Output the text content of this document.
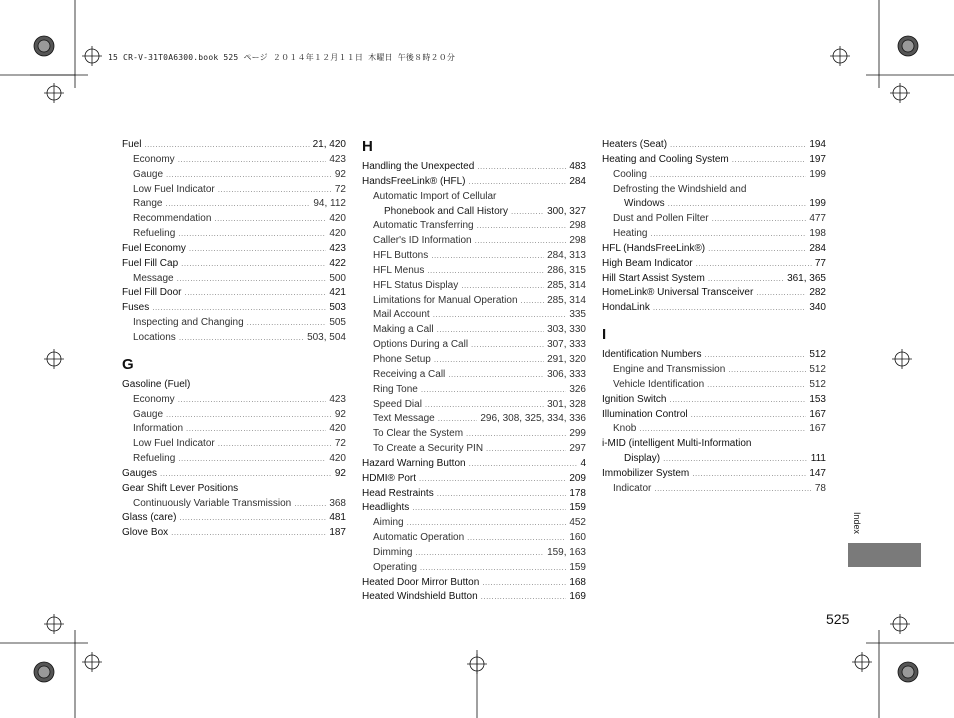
15 CR-V-31T0A6300.book 525 ページ ２０１４年１２月１１日 木曜日 午後８時２０分
Fuel .....	21, 420
Economy .....	423
Gauge .....	92
Low Fuel Indicator .....	72
Range .....	94, 112
Recommendation .....	420
Refueling .....	420
Fuel Economy .....	423
Fuel Fill Cap .....	422
Message .....	500
Fuel Fill Door .....	421
Fuses .....	503
Inspecting and Changing .....	505
Locations .....	503, 504
G
Gasoline (Fuel)
Economy .....	423
Gauge .....	92
Information .....	420
Low Fuel Indicator .....	72
Refueling .....	420
Gauges .....	92
Gear Shift Lever Positions
Continuously Variable Transmission .....	368
Glass (care) .....	481
Glove Box .....	187
H
Handling the Unexpected .....	483
HandsFreeLink® (HFL) .....	284
Automatic Import of Cellular
Phonebook and Call History .....	300, 327
Automatic Transferring .....	298
Caller's ID Information .....	298
HFL Buttons .....	284, 313
HFL Menus .....	286, 315
HFL Status Display .....	285, 314
Limitations for Manual Operation .....	285, 314
Mail Account .....	335
Making a Call .....	303, 330
Options During a Call .....	307, 333
Phone Setup .....	291, 320
Receiving a Call .....	306, 333
Ring Tone .....	326
Speed Dial .....	301, 328
Text Message .....	296, 308, 325, 334, 336
To Clear the System .....	299
To Create a Security PIN .....	297
Hazard Warning Button .....	4
HDMI® Port .....	209
Head Restraints .....	178
Headlights .....	159
Aiming .....	452
Automatic Operation .....	160
Dimming .....	159, 163
Operating .....	159
Heated Door Mirror Button .....	168
Heated Windshield Button .....	169
Heaters (Seat) .....	194
Heating and Cooling System .....	197
Cooling .....	199
Defrosting the Windshield and
Windows .....	199
Dust and Pollen Filter .....	477
Heating .....	198
HFL (HandsFreeLink®) .....	284
High Beam Indicator .....	77
Hill Start Assist System .....	361, 365
HomeLink® Universal Transceiver .....	282
HondaLink .....	340
I
Identification Numbers .....	512
Engine and Transmission .....	512
Vehicle Identification .....	512
Ignition Switch .....	153
Illumination Control .....	167
Knob .....	167
i-MID (intelligent Multi-Information
Display) .....	111
Immobilizer System .....	147
Indicator .....	78
Index
525
